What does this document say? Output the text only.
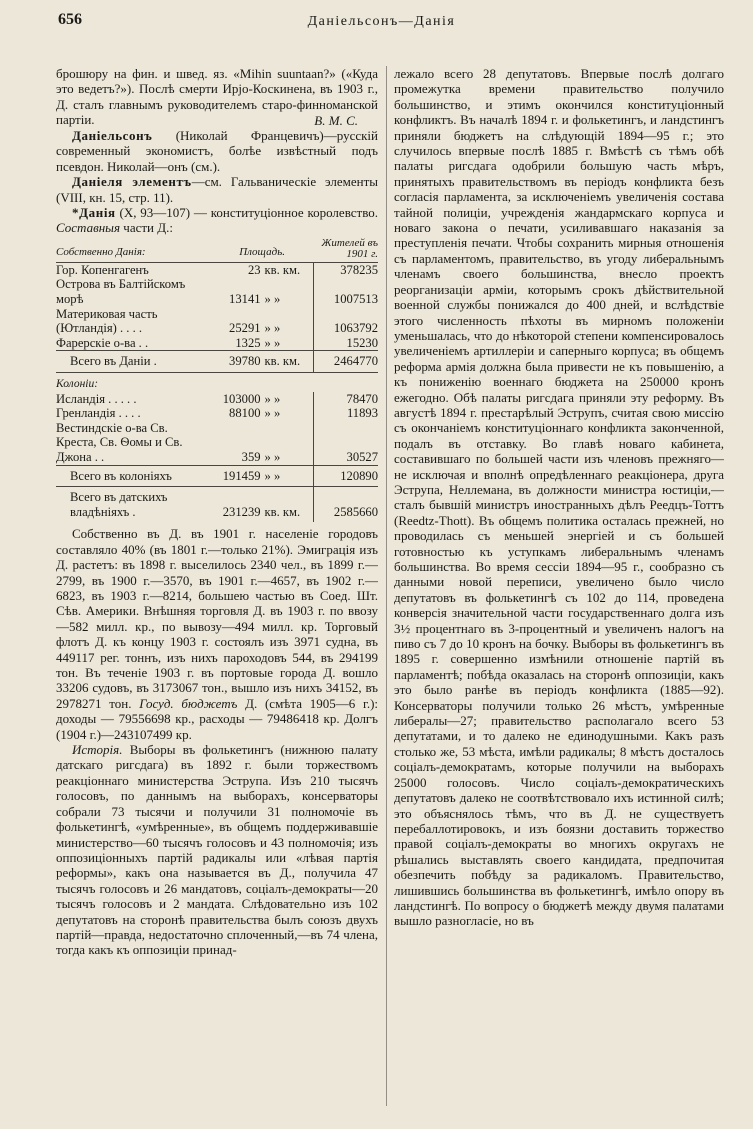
656	Даніельсонъ—Данія

брошюру на фин. и швед. яз. «Mihin suuntaan?» («Куда это ведетъ?»). Послѣ смерти Ирjо-Коскинена, въ 1903 г., Д. сталъ главнымъ руководителемъ старо-финноманской партіи.	В. М. С.

Даніельсонъ (Николай Францевичъ)—русскій современный экономистъ, болѣе извѣстный подъ псевдон. Николай—онъ (см.).

Даніеля элементъ—см. Гальваническіе элементы (VIII, кн. 15, стр. 11).

*Данія (X, 93—107) — конституціонное королевство. Составныя части Д.:

Собственно Данія:	Площадь.		Жителей въ 1901 г.
Гор. Копенгагенъ	23	кв. км.	378235
Острова въ Балтійскомъ морѣ	13141	» »	1007513
Материковая часть (Ютландія) . . . .	25291	» »	1063792
Фарерскіе о-ва . .	1325	» »	15230
Всего въ Даніи .	39780	кв. км.	2464770
Колоніи:			
Исландія . . . . .	103000	» »	78470
Гренландія . . . .	88100	» »	11893
Вестиндскіе о-ва Св. Креста, Св. Ѳомы и Св. Джона . .	359	» »	30527
Всего въ колоніяхъ	191459	» »	120890
Всего въ датскихъ владѣніяхъ .	231239	кв. км.	2585660

Собственно въ Д. въ 1901 г. населеніе городовъ составляло 40% (въ 1801 г.—только 21%). Эмиграція изъ Д. растетъ: въ 1898 г. выселилось 2340 чел., въ 1899 г.—2799, въ 1900 г.—3570, въ 1901 г.—4657, въ 1902 г.—6823, въ 1903 г.—8214, большею частью въ Соед. Шт. Сѣв. Америки. Внѣшняя торговля Д. въ 1903 г. по ввозу—582 милл. кр., по вывозу—494 милл. кр. Торговый флотъ Д. къ концу 1903 г. состоялъ изъ 3971 судна, въ 449117 рег. тоннъ, изъ нихъ пароходовъ 544, въ 294199 тон. Въ теченіе 1903 г. въ портовые города Д. вошло 33206 судовъ, въ 3173067 тон., вышло изъ нихъ 34152, въ 2978271 тон. Госуд. бюджетъ Д. (смѣта 1905—6 г.): доходы — 79556698 кр., расходы — 79486418 кр. Долгъ (1904 г.)—243107499 кр.

Исторія. Выборы въ фолькетингъ (нижнюю палату датскаго ригсдага) въ 1892 г. были торжествомъ реакціоннаго министерства Эструпа. Изъ 210 тысячъ голосовъ, по даннымъ на выборахъ, консерваторы собрали 73 тысячи и получили 31 полномочіе въ фолькетингѣ, «умѣренные», въ общемъ поддерживавшіе министерство—60 тысячъ голосовъ и 43 полномочія; изъ оппозиціонныхъ партій радикалы или «лѣвая партія реформы», какъ она называется въ Д., получила 47 тысячъ голосовъ и 26 мандатовъ, соціалъ-демократы—20 тысячъ голосовъ и 2 мандата. Слѣдовательно изъ 102 депутатовъ на сторонѣ правительства былъ союзъ двухъ партій—правда, недостаточно сплоченный,—въ 74 члена, тогда какъ къ оппозиціи принад-

лежало всего 28 депутатовъ. Впервые послѣ долгаго промежутка времени правительство получило большинство, и этимъ окончился конституціонный конфликтъ. Въ началѣ 1894 г. и фолькетингъ, и ландстингъ приняли бюджетъ на слѣдующій 1894—95 г.; это случилось впервые послѣ 1885 г. Вмѣстѣ съ тѣмъ обѣ палаты ригсдага одобрили большую часть мѣръ, принятыхъ правительствомъ въ періодъ конфликта безъ согласія парламента, за исключеніемъ увеличенія состава тайной полиціи, учрежденія жандармскаго корпуса и новаго закона о печати, усиливавшаго наказанія за преступленія печати. Чтобы сохранить мирныя отношенія съ парламентомъ, правительство, въ угоду либеральнымъ членамъ своего большинства, внесло проектъ реорганизаціи арміи, которымъ срокъ дѣйствительной военной службы понижался до 400 дней, и вслѣдствіе этого численность пѣхоты въ мирномъ положеніи уменьшалась, что до нѣкоторой степени компенсировалось увеличеніемъ артиллеріи и саперныго корпуса; въ общемъ реформа армія должна была привести не къ повышенію, а къ пониженію военнаго бюджета на 250000 кронъ ежегодно. Обѣ палаты ригсдага приняли эту реформу. Въ августѣ 1894 г. престарѣлый Эструпъ, считая свою миссію съ окончаніемъ конституціоннаго конфликта законченной, подалъ въ отставку. Во главѣ новаго кабинета, составившаго по большей части изъ членовъ прежняго—не исключая и вполнѣ опредѣленнаго реакціонера, друга Эструпа, Неллемана, въ должности министра юстиціи,—сталъ бывшій министръ иностранныхъ дѣлъ Реедцъ-Тоттъ (Reedtz-Thott). Въ общемъ политика осталась прежней, но проводилась съ меньшей энергіей и съ большей готовностью къ уступкамъ либеральнымъ членамъ большинства. Во время сессіи 1894—95 г., сообразно съ данными новой переписи, увеличено было число депутатовъ въ фолькетингѣ съ 102 до 114, проведена конверсія значительной части государственнаго долга изъ 3½ процентнаго въ 3-процентный и увеличенъ налогъ на пиво съ 7 до 10 кронъ на бочку. Выборы въ фолькетингъ въ 1895 г. совершенно измѣнили отношеніе партій въ парламентѣ; побѣда оказалась на сторонѣ оппозиціи, какъ это было ранѣе въ періодъ конфликта (1885—92). Консерваторы получили только 26 мѣстъ, умѣренные либералы—27; правительство располагало всего 53 депутатами, и то далеко не единодушными. Какъ разъ столько же, 53 мѣста, имѣли радикалы; 8 мѣстъ досталось соціалъ-демократамъ, которые получили на выборахъ 25000 голосовъ. Число соціалъ-демократическихъ депутатовъ далеко не соотвѣтствовало ихъ истинной силѣ; это объяснялось тѣмъ, что въ Д. не существуетъ перебаллотировокъ, и изъ боязни доставить торжество правой соціалъ-демократы во многихъ округахъ не рѣшались выставлять своего кандидата, предпочитая обезпечить побѣду за радикаломъ. Правительство, лишившись большинства въ фолькетингѣ, имѣло опору въ ландстингѣ. По вопросу о бюджетѣ между двумя палатами вышло разногласіе, но въ
